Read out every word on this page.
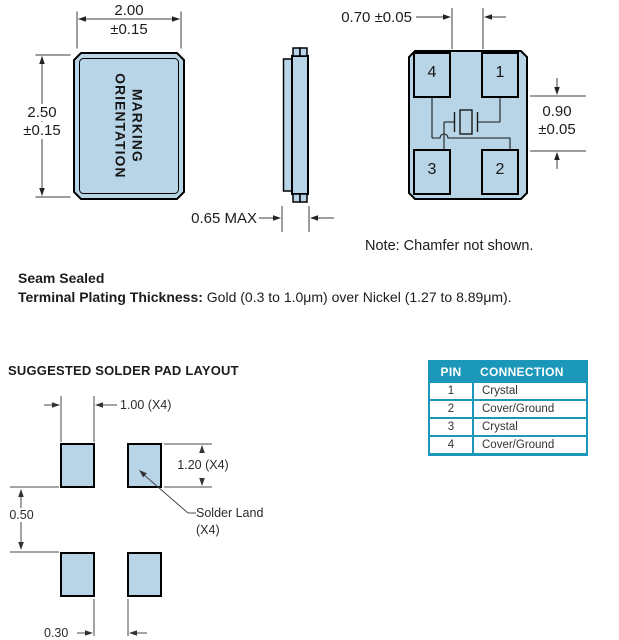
2.00
±0.15
2.50
±0.15	MARKING
ORIENTATION
0.65 MAX
0.70 ±0.05
0.90
±0.05
4	1
3	2
Note: Chamfer not shown.
Seam Sealed
Terminal Plating Thickness: Gold (0.3 to 1.0μm) over Nickel (1.27 to 8.89μm).
SUGGESTED SOLDER PAD LAYOUT
1.00 (X4)
1.20 (X4)
0.50
0.30
Solder Land
(X4)
PIN	CONNECTION
1	Crystal
2	Cover/Ground
3	Crystal
4	Cover/Ground
